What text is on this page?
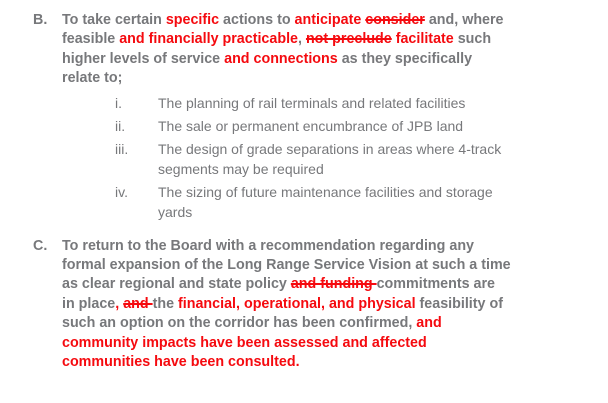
B. To take certain specific actions to anticipate consider and, where
feasible and financially practicable, not preclude facilitate such
higher levels of service and connections as they specifically
relate to;
i.	The planning of rail terminals and related facilities
ii.	The sale or permanent encumbrance of JPB land
iii.	The design of grade separations in areas where 4-track
segments may be required
iv.	The sizing of future maintenance facilities and storage
yards
C. To return to the Board with a recommendation regarding any
formal expansion of the Long Range Service Vision at such a time
as clear regional and state policy and funding commitments are
in place, and the financial, operational, and physical feasibility of
such an option on the corridor has been confirmed, and
community impacts have been assessed and affected
communities have been consulted.
